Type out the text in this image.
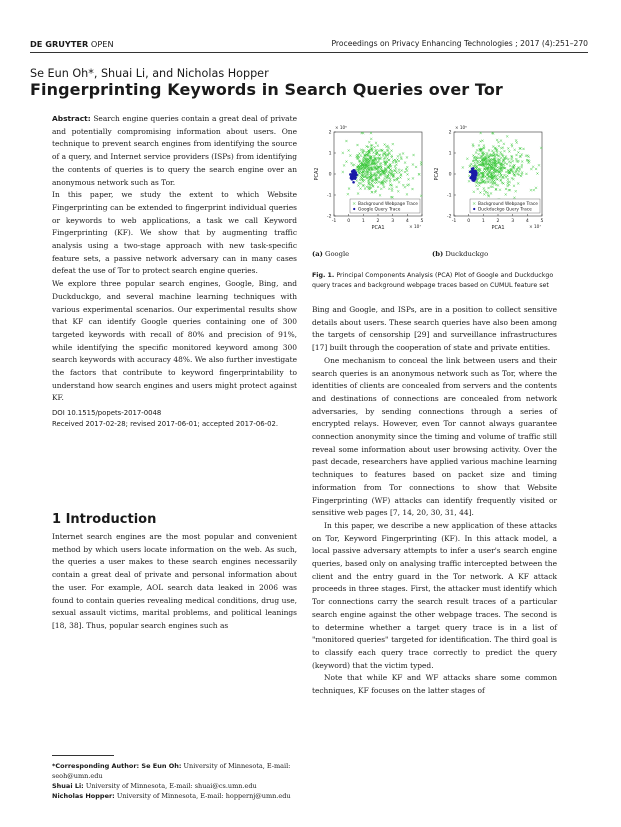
DE GRUYTER OPEN	Proceedings on Privacy Enhancing Technologies ; 2017 (4):251–270
Se Eun Oh*, Shuai Li, and Nicholas Hopper
Fingerprinting Keywords in Search Queries over Tor

Abstract: Search engine queries contain a great deal of private and potentially compromising information about users. One technique to prevent search engines from identifying the source of a query, and Internet service providers (ISPs) from identifying the contents of queries is to query the search engine over an anonymous network such as Tor.

In this paper, we study the extent to which Website Fingerprinting can be extended to fingerprint individual queries or keywords to web applications, a task we call Keyword Fingerprinting (KF). We show that by augmenting traffic analysis using a two-stage approach with new task-specific feature sets, a passive network adversary can in many cases defeat the use of Tor to protect search engine queries.

We explore three popular search engines, Google, Bing, and Duckduckgo, and several machine learning techniques with various experimental scenarios. Our experimental results show that KF can identify Google queries containing one of 300 targeted keywords with recall of 80% and precision of 91%, while identifying the specific monitored keyword among 300 search keywords with accuracy 48%. We also further investigate the factors that contribute to keyword fingerprintability to understand how search engines and users might protect against KF.

DOI 10.1515/popets-2017-0048
Received 2017-02-28; revised 2017-06-01; accepted 2017-06-02.
1 Introduction

Internet search engines are the most popular and convenient method by which users locate information on the web. As such, the queries a user makes to these search engines necessarily contain a great deal of private and personal information about the user. For example, AOL search data leaked in 2006 was found to contain queries revealing medical conditions, drug use, sexual assault victims, marital problems, and political leanings [18, 38]. Thus, popular search engines such as

*Corresponding Author: Se Eun Oh: University of Minnesota, E-mail: seoh@umn.edu
Shuai Li: University of Minnesota, E-mail: shuai@cs.umn.edu
Nicholas Hopper: University of Minnesota, E-mail: hoppernj@umn.edu
-1 0	1	2	3	4	5
2
1
0
-1
-2
× 10⁶
× 10⁷
PCA1
PCA2
Background Webpage Trace
Google Query Trace
-1 0	1	2	3	4	5
2
1
0
-1
-2
× 10⁶
× 10⁷
PCA1
PCA2
Background Webpage Trace
Duckduckgo Query Trace
(a) Google	(b) Duckduckgo
Fig. 1. Principal Components Analysis (PCA) Plot of Google and Duckduckgo query traces and background webpage traces based on CUMUL feature set

Bing and Google, and ISPs, are in a position to collect sensitive details about users. These search queries have also been among the targets of censorship [29] and surveillance infrastructures [17] built through the cooperation of state and private entities.

One mechanism to conceal the link between users and their search queries is an anonymous network such as Tor, where the identities of clients are concealed from servers and the contents and destinations of connections are concealed from network adversaries, by sending connections through a series of encrypted relays. However, even Tor cannot always guarantee connection anonymity since the timing and volume of traffic still reveal some information about user browsing activity. Over the past decade, researchers have applied various machine learning techniques to features based on packet size and timing information from Tor connections to show that Website Fingerprinting (WF) attacks can identify frequently visited or sensitive web pages [7, 14, 20, 30, 31, 44].

In this paper, we describe a new application of these attacks on Tor, Keyword Fingerprinting (KF). In this attack model, a local passive adversary attempts to infer a user's search engine queries, based only on analysing traffic intercepted between the client and the entry guard in the Tor network. A KF attack proceeds in three stages. First, the attacker must identify which Tor connections carry the search result traces of a particular search engine against the other webpage traces. The second is to determine whether a target query trace is in a list of "monitored queries" targeted for identification. The third goal is to classify each query trace correctly to predict the query (keyword) that the victim typed.

Note that while KF and WF attacks share some common techniques, KF focuses on the latter stages of
